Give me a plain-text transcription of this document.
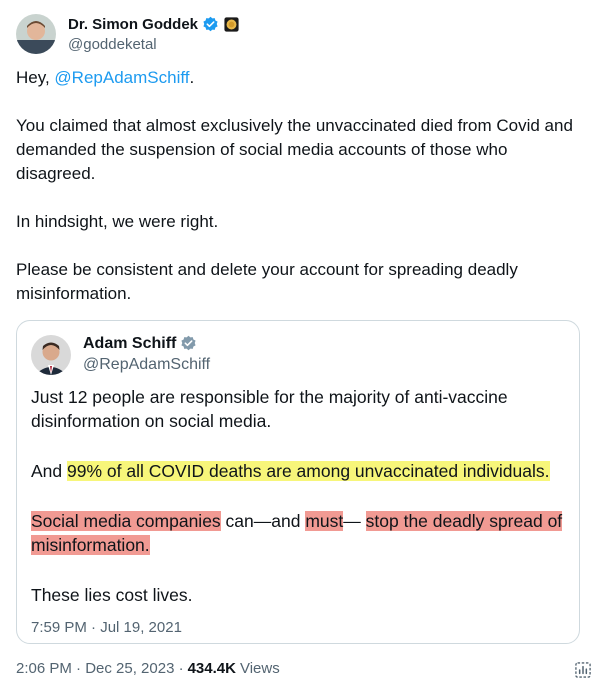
Dr. Simon Goddek
@goddeketal

Hey, @RepAdamSchiff.

You claimed that almost exclusively the unvaccinated died from Covid and demanded the suspension of social media accounts of those who disagreed.

In hindsight, we were right.

Please be consistent and delete your account for spreading deadly misinformation.

Adam Schiff
@RepAdamSchiff

Just 12 people are responsible for the majority of anti-vaccine disinformation on social media.

And 99% of all COVID deaths are among unvaccinated individuals.

Social media companies can—and must— stop the deadly spread of misinformation.

These lies cost lives.

7:59 PM · Jul 19, 2021
2:06 PM · Dec 25, 2023 · 434.4K Views
